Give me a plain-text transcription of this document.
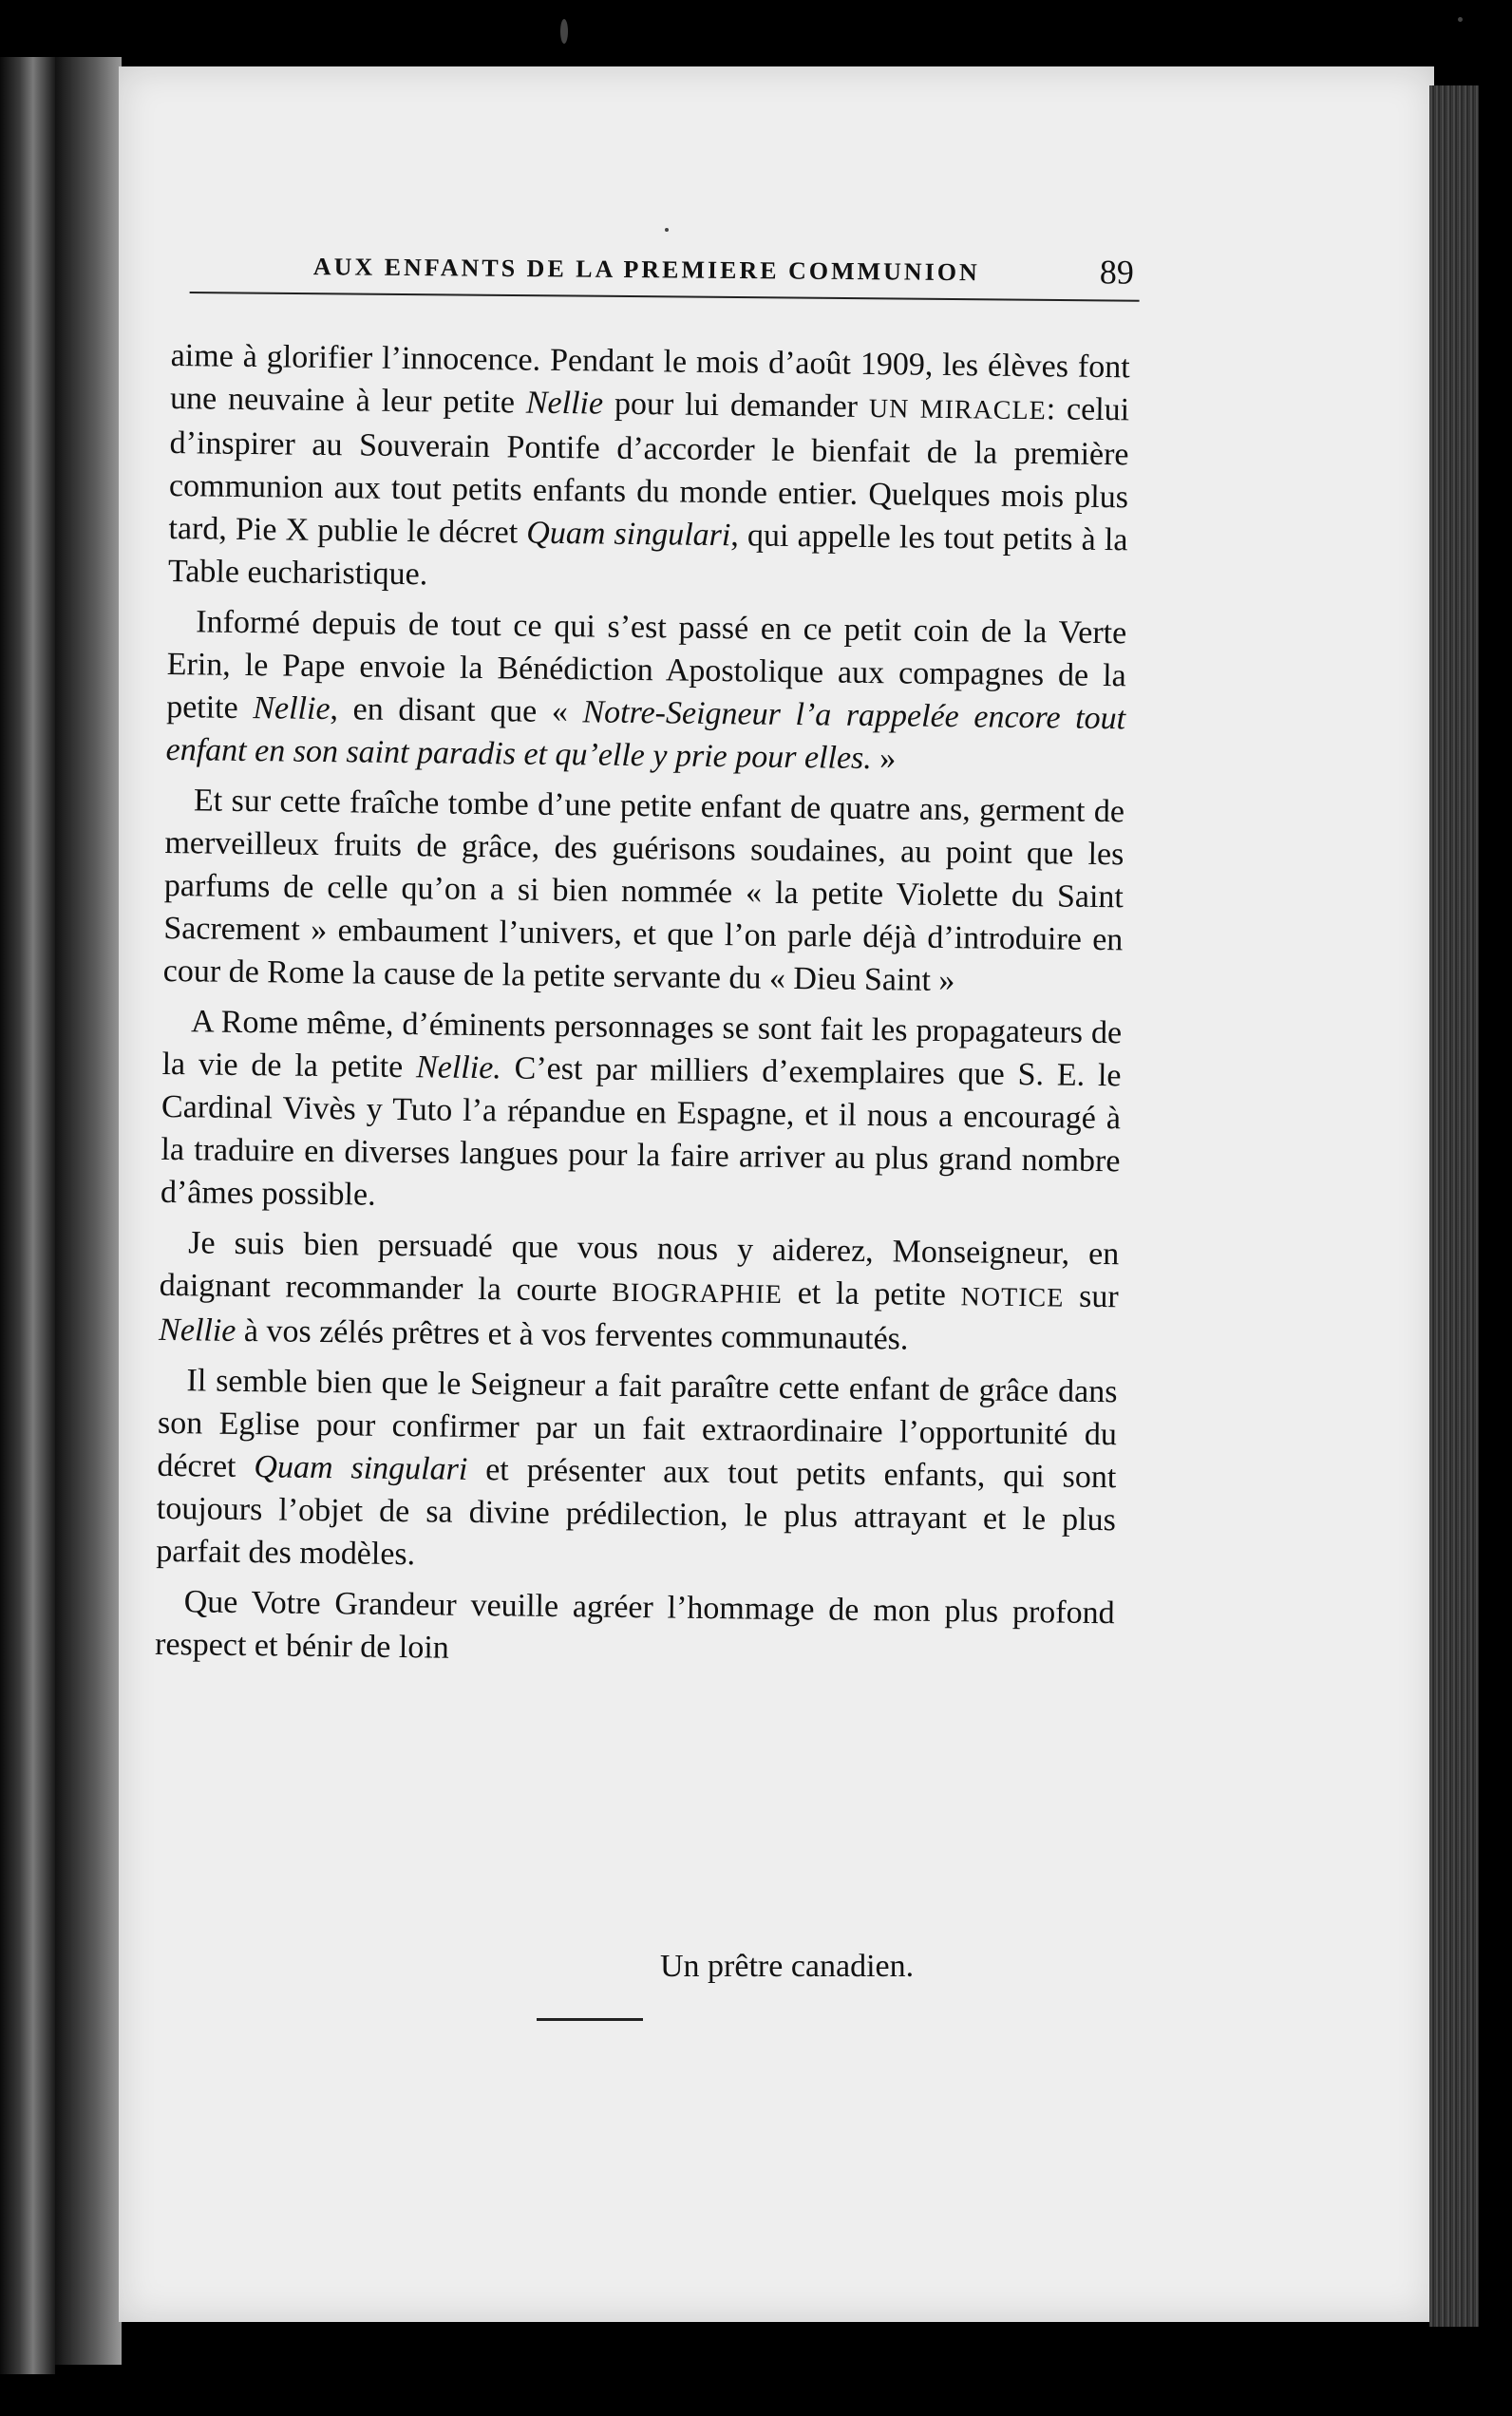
AUX ENFANTS DE LA PREMIERE COMMUNION	89

aime à glorifier l’innocence. Pendant le mois d’août 1909, les élèves font une neuvaine à leur petite Nellie pour lui demander UN MIRACLE: celui d’inspirer au Souverain Pontife d’accorder le bienfait de la première communion aux tout petits enfants du monde entier. Quelques mois plus tard, Pie X publie le décret Quam singulari, qui appelle les tout petits à la Table eucharistique.

Informé depuis de tout ce qui s’est passé en ce petit coin de la Verte Erin, le Pape envoie la Bénédiction Apostolique aux compagnes de la petite Nellie, en disant que « Notre-Seigneur l’a rappelée encore tout enfant en son saint paradis et qu’elle y prie pour elles. »

Et sur cette fraîche tombe d’une petite enfant de quatre ans, germent de merveilleux fruits de grâce, des guérisons soudaines, au point que les parfums de celle qu’on a si bien nommée « la petite Violette du Saint Sacrement » embaument l’univers, et que l’on parle déjà d’introduire en cour de Rome la cause de la petite servante du « Dieu Saint »

A Rome même, d’éminents personnages se sont fait les propagateurs de la vie de la petite Nellie. C’est par milliers d’exemplaires que S. E. le Cardinal Vivès y Tuto l’a répandue en Espagne, et il nous a encouragé à la traduire en diverses langues pour la faire arriver au plus grand nombre d’âmes possible.

Je suis bien persuadé que vous nous y aiderez, Monseigneur, en daignant recommander la courte BIOGRAPHIE et la petite NOTICE sur Nellie à vos zélés prêtres et à vos ferventes communautés.

Il semble bien que le Seigneur a fait paraître cette enfant de grâce dans son Eglise pour confirmer par un fait extraordinaire l’opportunité du décret Quam singulari et présenter aux tout petits enfants, qui sont toujours l’objet de sa divine prédilection, le plus attrayant et le plus parfait des modèles.

Que Votre Grandeur veuille agréer l’hommage de mon plus profond respect et bénir de loin

Un prêtre canadien.
